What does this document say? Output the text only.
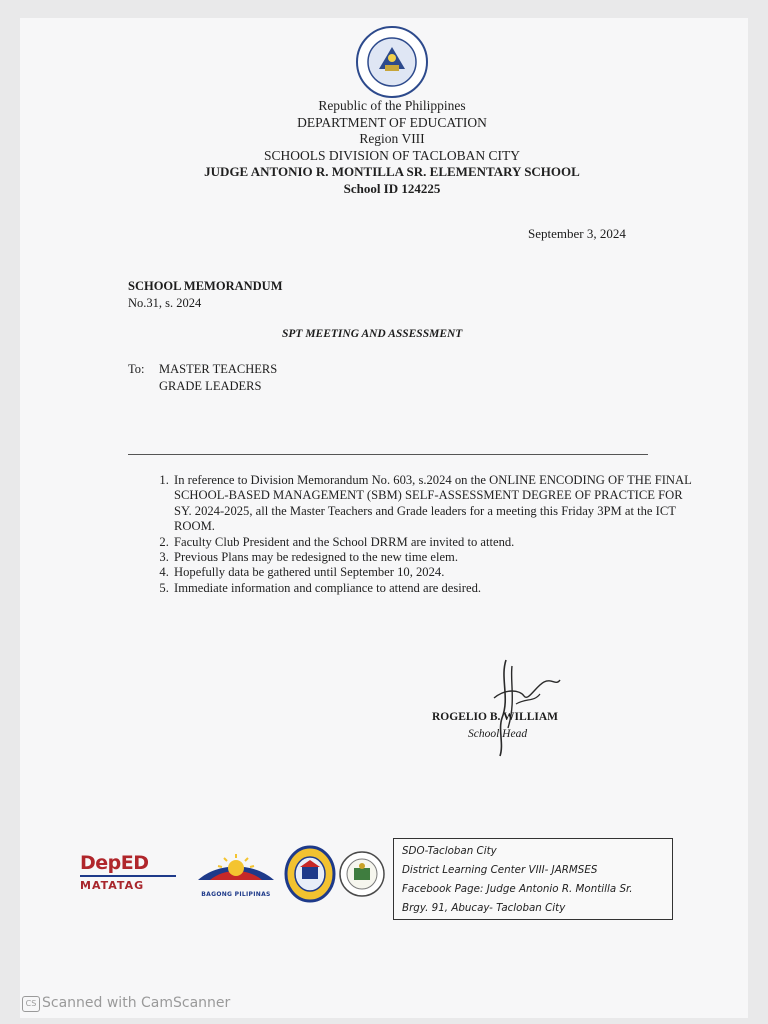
Republic of the Philippines
DEPARTMENT OF EDUCATION
Region VIII
SCHOOLS DIVISION OF TACLOBAN CITY
JUDGE ANTONIO R. MONTILLA SR. ELEMENTARY SCHOOL
School ID 124225
September 3, 2024
SCHOOL MEMORANDUM
No.31, s. 2024
SPT MEETING AND ASSESSMENT
To: MASTER TEACHERS
GRADE LEADERS
1. In reference to Division Memorandum No. 603, s.2024 on the ONLINE ENCODING OF THE FINAL SCHOOL-BASED MANAGEMENT (SBM) SELF-ASSESSMENT DEGREE OF PRACTICE FOR SY. 2024-2025, all the Master Teachers and Grade leaders for a meeting this Friday 3PM at the ICT ROOM.
2. Faculty Club President and the School DRRM are invited to attend.
3. Previous Plans may be redesigned to the new time elem.
4. Hopefully data be gathered until September 10, 2024.
5. Immediate information and compliance to attend are desired.
ROGELIO B. WILLIAM
School Head
DepED
MATATAG
BAGONG PILIPINAS
SDO-Tacloban City
District Learning Center VIII- JARMSES
Facebook Page: Judge Antonio R. Montilla Sr.
Brgy. 91, Abucay- Tacloban City
CS Scanned with CamScanner
